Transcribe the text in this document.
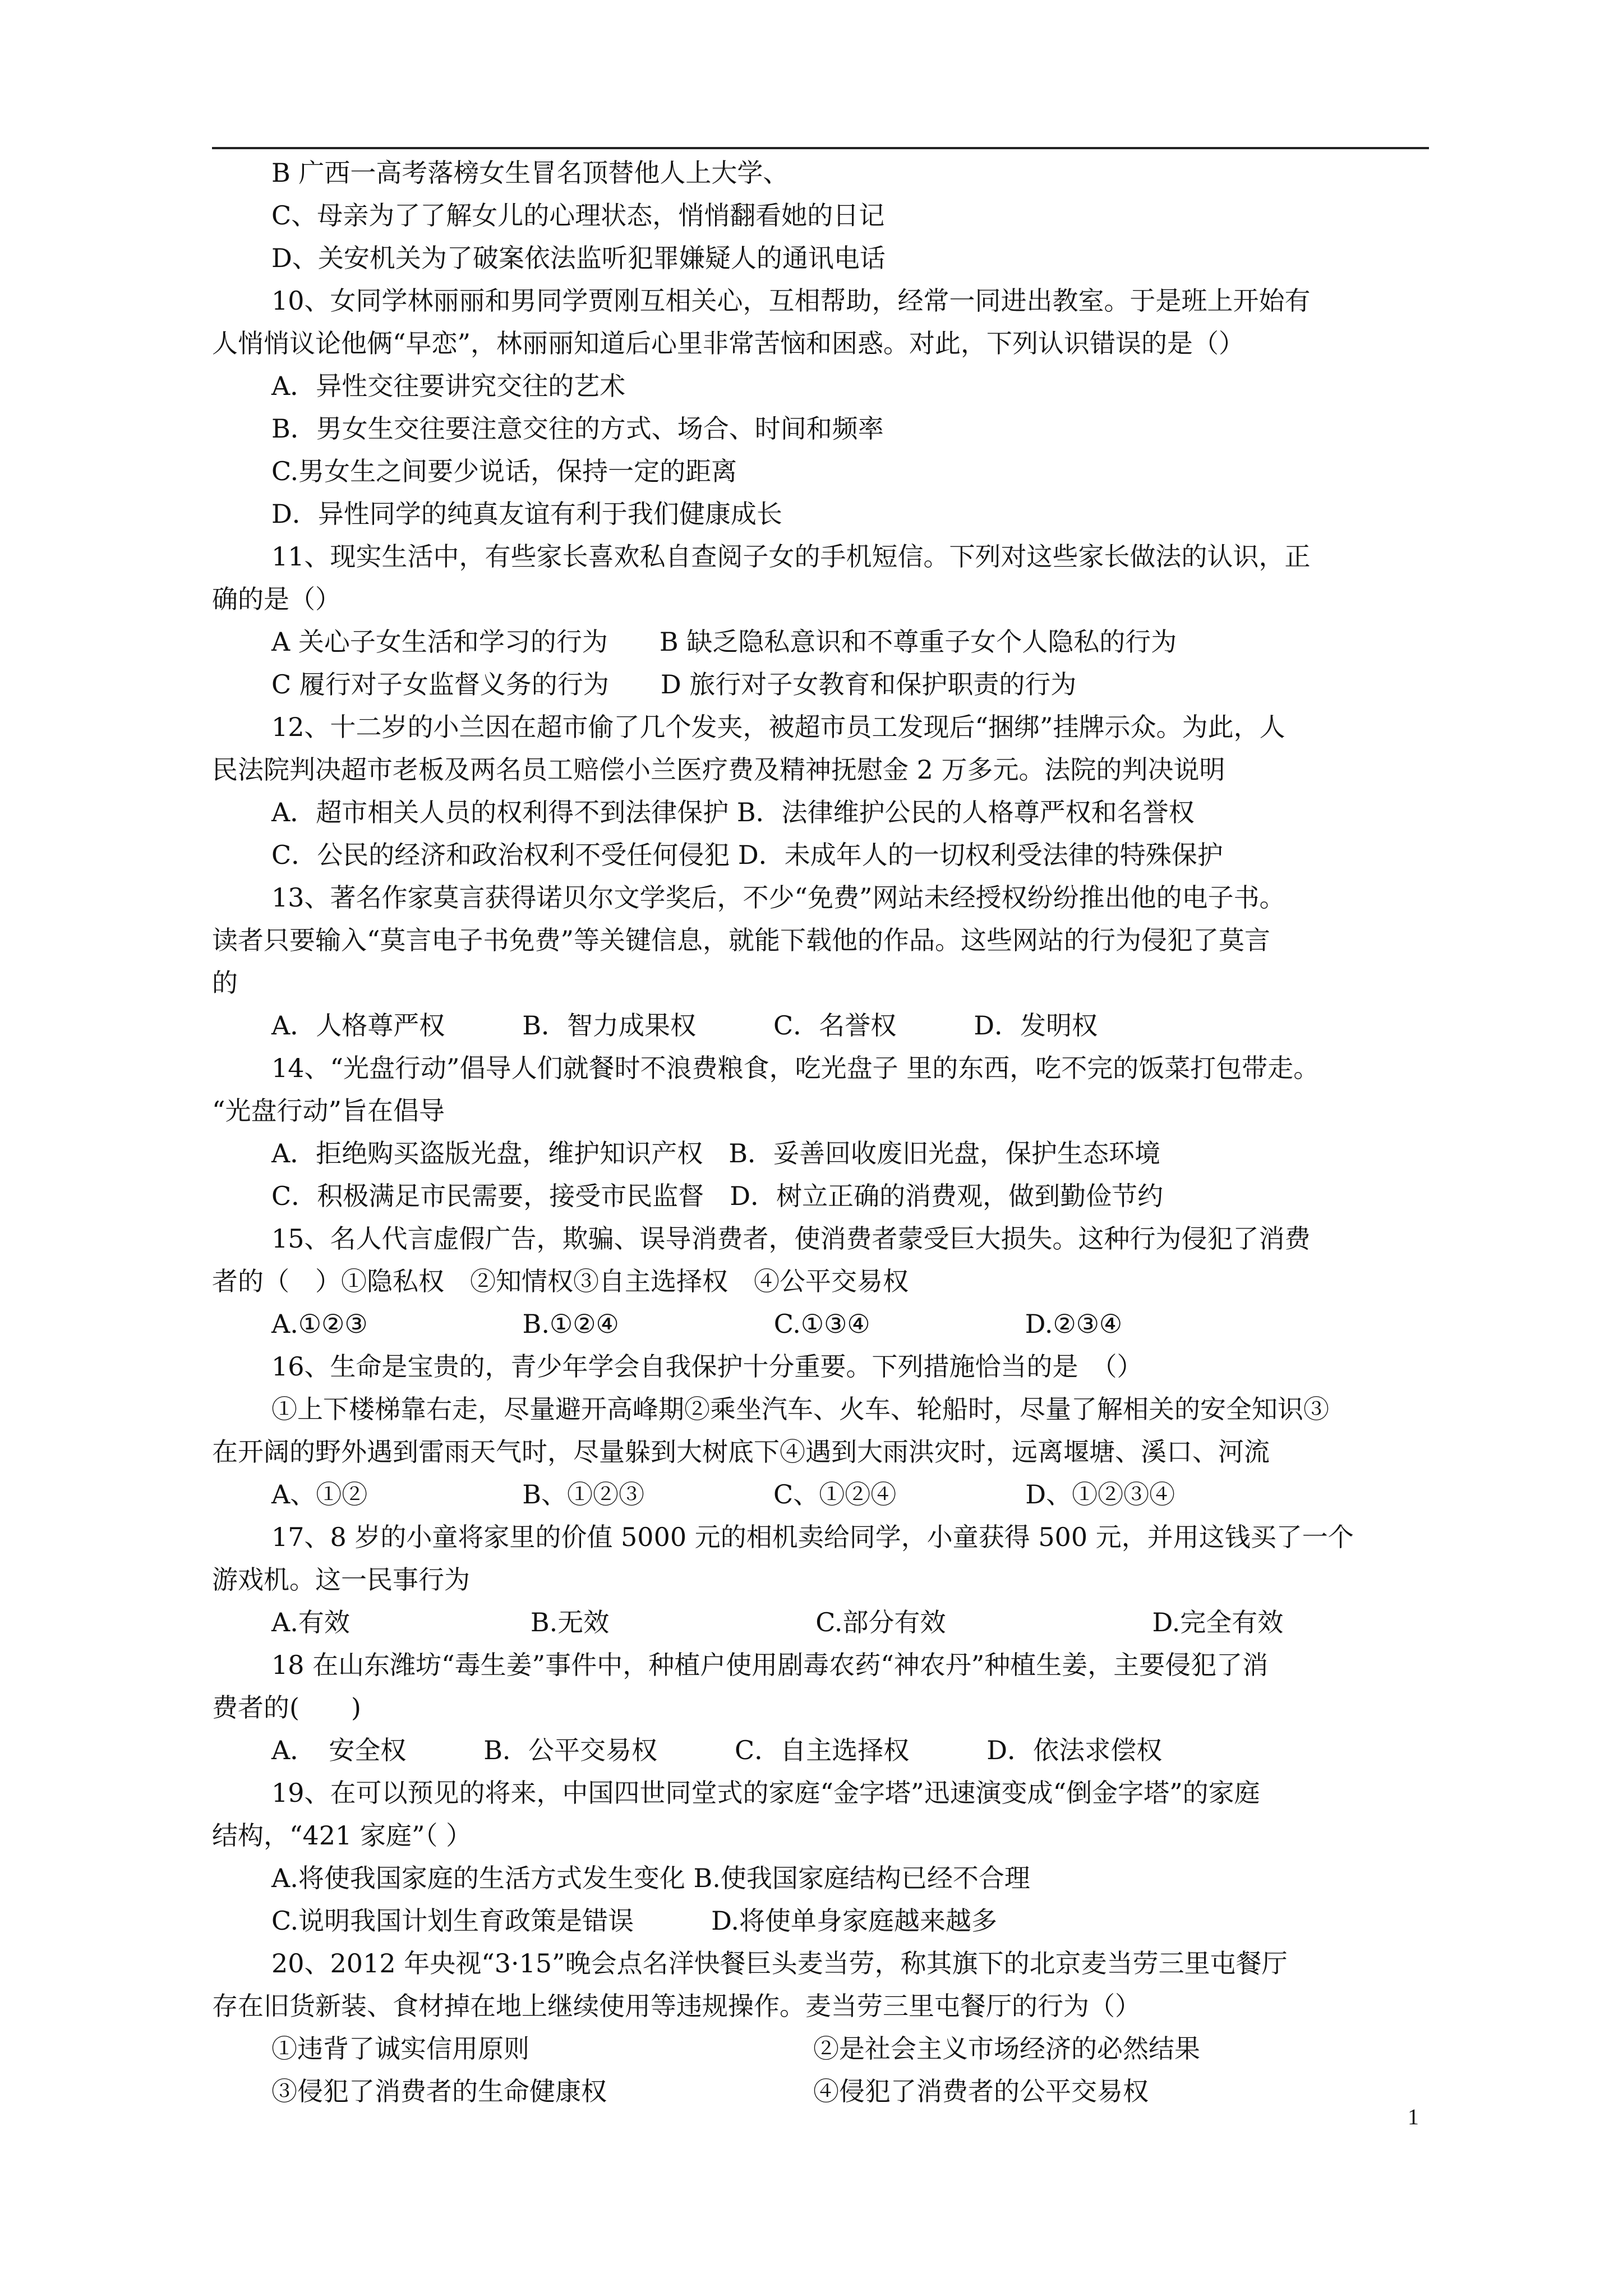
B 广西一高考落榜女生冒名顶替他人上大学、
C、母亲为了了解女儿的心理状态，悄悄翻看她的日记
D、关安机关为了破案依法监听犯罪嫌疑人的通讯电话
10、女同学林丽丽和男同学贾刚互相关心，互相帮助，经常一同进出教室。于是班上开始有
人悄悄议论他俩“早恋”，林丽丽知道后心里非常苦恼和困惑。对此，下列认识错误的是（）
A．异性交往要讲究交往的艺术
B．男女生交往要注意交往的方式、场合、时间和频率
C.男女生之间要少说话，保持一定的距离
D．异性同学的纯真友谊有利于我们健康成长
11、现实生活中，有些家长喜欢私自查阅子女的手机短信。下列对这些家长做法的认识，正
确的是（）
A 关心子女生活和学习的行为　　B 缺乏隐私意识和不尊重子女个人隐私的行为
C 履行对子女监督义务的行为　　D 旅行对子女教育和保护职责的行为
12、十二岁的小兰因在超市偷了几个发夹，被超市员工发现后“捆绑”挂牌示众。为此，人
民法院判决超市老板及两名员工赔偿小兰医疗费及精神抚慰金 2 万多元。法院的判决说明
A．超市相关人员的权利得不到法律保护 B．法律维护公民的人格尊严权和名誉权
C．公民的经济和政治权利不受任何侵犯 D．未成年人的一切权利受法律的特殊保护
13、著名作家莫言获得诺贝尔文学奖后，不少“免费”网站未经授权纷纷推出他的电子书。
读者只要输入“莫言电子书免费”等关键信息，就能下载他的作品。这些网站的行为侵犯了莫言
的
A．人格尊严权　　　B．智力成果权　　　C．名誉权　　　D．发明权
14、“光盘行动”倡导人们就餐时不浪费粮食，吃光盘子 里的东西，吃不完的饭菜打包带走。
“光盘行动”旨在倡导
A．拒绝购买盗版光盘，维护知识产权　B．妥善回收废旧光盘，保护生态环境
C．积极满足市民需要，接受市民监督　D．树立正确的消费观，做到勤俭节约
15、名人代言虚假广告，欺骗、误导消费者，使消费者蒙受巨大损失。这种行为侵犯了消费
者的（　）①隐私权　②知情权③自主选择权　④公平交易权
A.①②③　　　　　　B.①②④　　　　　　C.①③④　　　　　　D.②③④
16、生命是宝贵的，青少年学会自我保护十分重要。下列措施恰当的是　（）
①上下楼梯靠右走，尽量避开高峰期②乘坐汽车、火车、轮船时，尽量了解相关的安全知识③
在开阔的野外遇到雷雨天气时，尽量躲到大树底下④遇到大雨洪灾时，远离堰塘、溪口、河流
A、①②　　　　　　B、①②③　　　　　C、①②④　　　　　D、①②③④
17、8 岁的小童将家里的价值 5000 元的相机卖给同学，小童获得 500 元，并用这钱买了一个
游戏机。这一民事行为
A.有效　　　　　　　B.无效　　　　　　　　C.部分有效　　　　　　　　D.完全有效
18 在山东潍坊“毒生姜”事件中，种植户使用剧毒农药“神农丹”种植生姜，主要侵犯了消
费者的(　　)
A．　安全权　　　B．公平交易权　　　C．自主选择权　　　D．依法求偿权
19、在可以预见的将来，中国四世同堂式的家庭“金字塔”迅速演变成“倒金字塔”的家庭
结构，“421 家庭”（ ）
A.将使我国家庭的生活方式发生变化 B.使我国家庭结构已经不合理
C.说明我国计划生育政策是错误　　　D.将使单身家庭越来越多
20、2012 年央视“3·15”晚会点名洋快餐巨头麦当劳，称其旗下的北京麦当劳三里屯餐厅
存在旧货新装、食材掉在地上继续使用等违规操作。麦当劳三里屯餐厅的行为（）
①违背了诚实信用原则　　　　　　　　　　　②是社会主义市场经济的必然结果
③侵犯了消费者的生命健康权　　　　　　　　④侵犯了消费者的公平交易权
1
